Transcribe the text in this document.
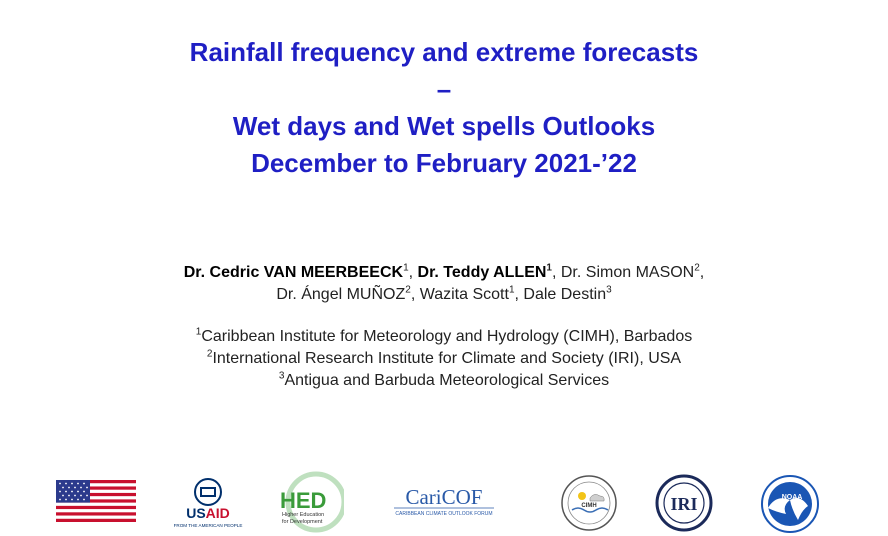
Rainfall frequency and extreme forecasts
–
Wet days and Wet spells Outlooks
December to February 2021-’22
Dr. Cedric VAN MEERBEECK$^1$, Dr. Teddy ALLEN$^1$, Dr. Simon MASON$^2$,
Dr. Ángel MUÑOZ$^2$, Wazita Scott$^1$, Dale Destin$^3$
$^1$Caribbean Institute for Meteorology and Hydrology (CIMH), Barbados
$^2$International Research Institute for Climate and Society (IRI), USA
$^3$Antigua and Barbuda Meteorological Services
USAID
FROM THE AMERICAN PEOPLE
HED
Higher Education
for Development
CariCOF
CARIBBEAN CLIMATE OUTLOOK FORUM
CIMH	IRI	NOAA
